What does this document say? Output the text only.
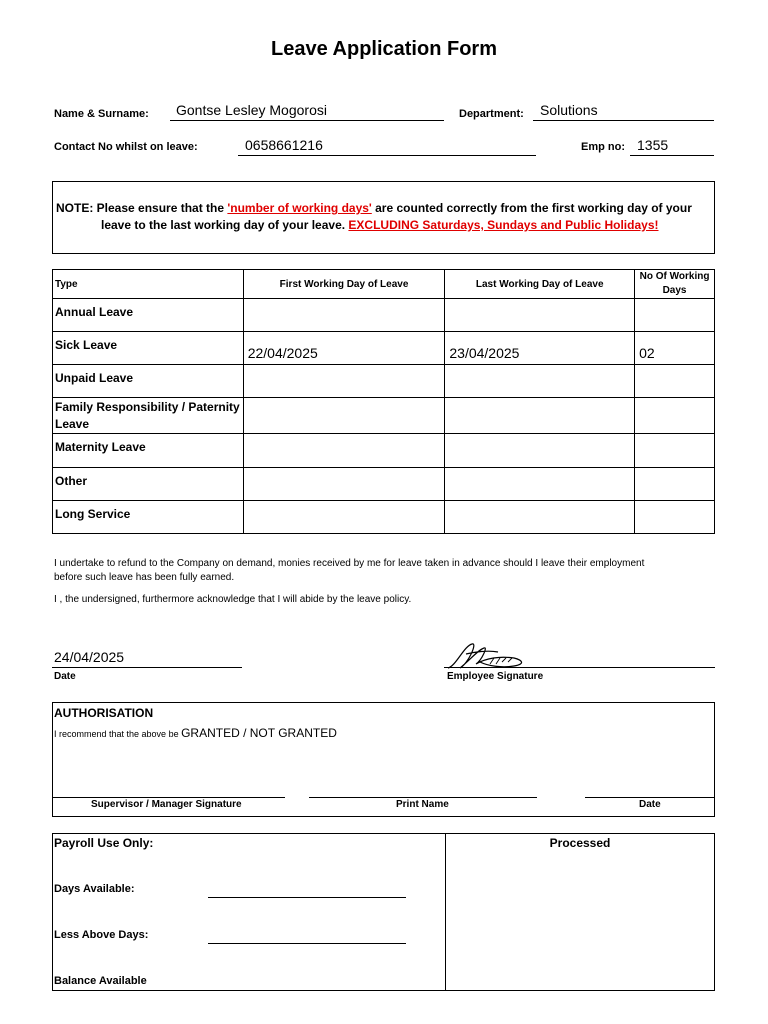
Leave Application Form
Name & Surname: Gontse Lesley Mogorosi	Department: Solutions
Contact No whilst on leave:	0658661216	Emp no: 1355
NOTE: Please ensure that the 'number of working days' are counted correctly from the first working day of your
leave to the last working day of your leave. EXCLUDING Saturdays, Sundays and Public Holidays!
Type	First Working Day of Leave	Last Working Day of Leave	No Of Working Days
Annual Leave			
Sick Leave	22/04/2025	23/04/2025	02
Unpaid Leave			
Family Responsibility / Paternity Leave			
Maternity Leave			
Other			
Long Service			
I undertake to refund to the Company on demand, monies received by me for leave taken in advance should I leave their employment
before such leave has been fully earned.
I , the undersigned, furthermore acknowledge that I will abide by the leave policy.
24/04/2025
Date	Employee Signature
AUTHORISATION
I recommend that the above be GRANTED / NOT GRANTED
Supervisor / Manager Signature	Print Name	Date
Payroll Use Only:	Processed
Days Available:
Less Above Days:
Balance Available
